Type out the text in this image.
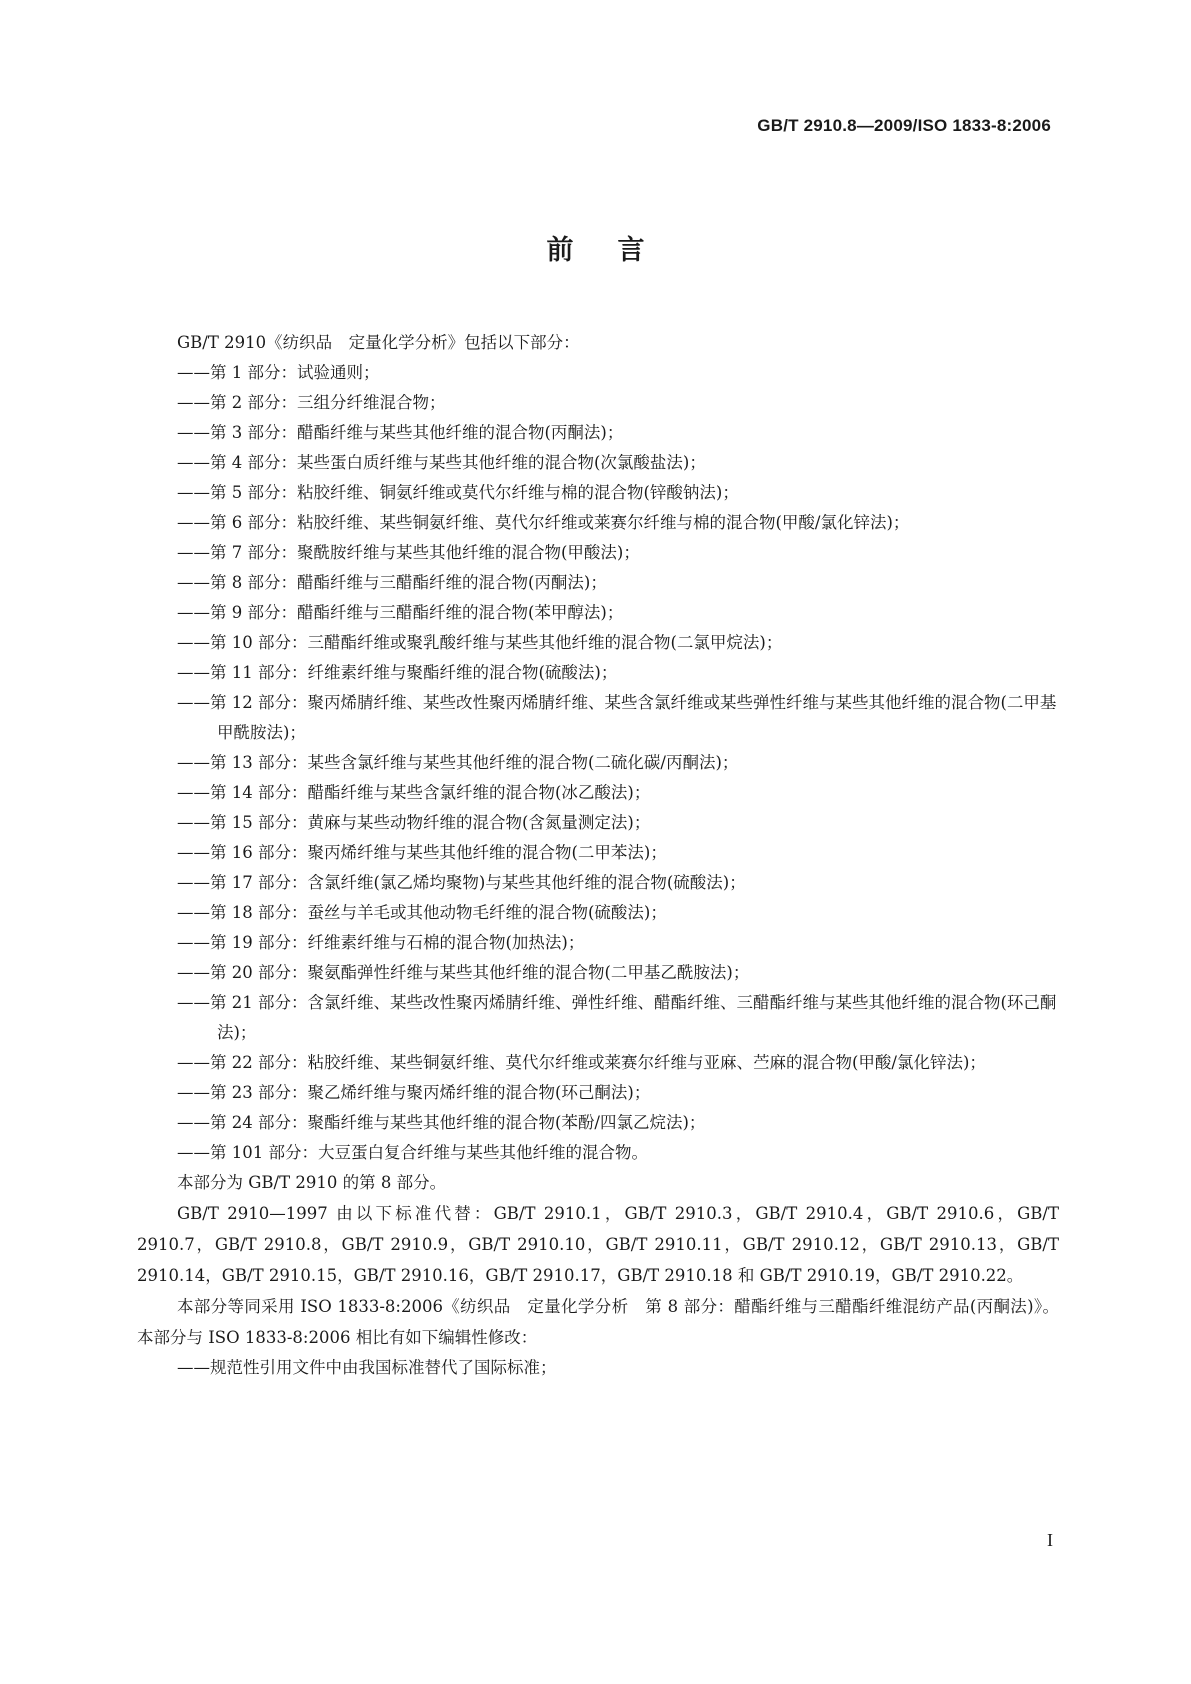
GB/T 2910.8—2009/ISO 1833-8:2006
前言

GB/T 2910《纺织品　定量化学分析》包括以下部分：

——第 1 部分：试验通则；

——第 2 部分：三组分纤维混合物；

——第 3 部分：醋酯纤维与某些其他纤维的混合物(丙酮法)；

——第 4 部分：某些蛋白质纤维与某些其他纤维的混合物(次氯酸盐法)；

——第 5 部分：粘胶纤维、铜氨纤维或莫代尔纤维与棉的混合物(锌酸钠法)；

——第 6 部分：粘胶纤维、某些铜氨纤维、莫代尔纤维或莱赛尔纤维与棉的混合物(甲酸/氯化锌法)；

——第 7 部分：聚酰胺纤维与某些其他纤维的混合物(甲酸法)；

——第 8 部分：醋酯纤维与三醋酯纤维的混合物(丙酮法)；

——第 9 部分：醋酯纤维与三醋酯纤维的混合物(苯甲醇法)；

——第 10 部分：三醋酯纤维或聚乳酸纤维与某些其他纤维的混合物(二氯甲烷法)；

——第 11 部分：纤维素纤维与聚酯纤维的混合物(硫酸法)；

——第 12 部分：聚丙烯腈纤维、某些改性聚丙烯腈纤维、某些含氯纤维或某些弹性纤维与某些其他纤维的混合物(二甲基甲酰胺法)；

——第 13 部分：某些含氯纤维与某些其他纤维的混合物(二硫化碳/丙酮法)；

——第 14 部分：醋酯纤维与某些含氯纤维的混合物(冰乙酸法)；

——第 15 部分：黄麻与某些动物纤维的混合物(含氮量测定法)；

——第 16 部分：聚丙烯纤维与某些其他纤维的混合物(二甲苯法)；

——第 17 部分：含氯纤维(氯乙烯均聚物)与某些其他纤维的混合物(硫酸法)；

——第 18 部分：蚕丝与羊毛或其他动物毛纤维的混合物(硫酸法)；

——第 19 部分：纤维素纤维与石棉的混合物(加热法)；

——第 20 部分：聚氨酯弹性纤维与某些其他纤维的混合物(二甲基乙酰胺法)；

——第 21 部分：含氯纤维、某些改性聚丙烯腈纤维、弹性纤维、醋酯纤维、三醋酯纤维与某些其他纤维的混合物(环己酮法)；

——第 22 部分：粘胶纤维、某些铜氨纤维、莫代尔纤维或莱赛尔纤维与亚麻、苎麻的混合物(甲酸/氯化锌法)；

——第 23 部分：聚乙烯纤维与聚丙烯纤维的混合物(环己酮法)；

——第 24 部分：聚酯纤维与某些其他纤维的混合物(苯酚/四氯乙烷法)；

——第 101 部分：大豆蛋白复合纤维与某些其他纤维的混合物。

本部分为 GB/T 2910 的第 8 部分。

GB/T 2910—1997 由以下标准代替：GB/T 2910.1，GB/T 2910.3，GB/T 2910.4，GB/T 2910.6，GB/T 2910.7，GB/T 2910.8，GB/T 2910.9，GB/T 2910.10，GB/T 2910.11，GB/T 2910.12，GB/T 2910.13，GB/T 2910.14，GB/T 2910.15，GB/T 2910.16，GB/T 2910.17，GB/T 2910.18 和 GB/T 2910.19，GB/T 2910.22。

本部分等同采用 ISO 1833-8:2006《纺织品　定量化学分析　第 8 部分：醋酯纤维与三醋酯纤维混纺产品(丙酮法)》。本部分与 ISO 1833-8:2006 相比有如下编辑性修改：

——规范性引用文件中由我国标准替代了国际标准；

I
